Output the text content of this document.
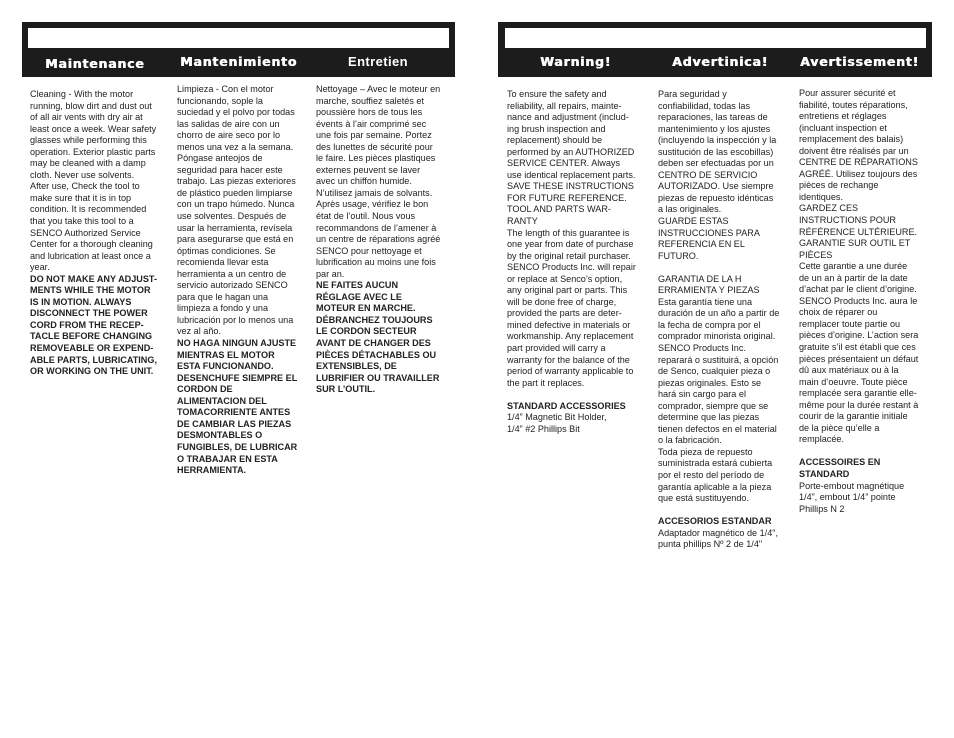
Maintenance	Mantenimiento	Entretien	Warning!	Advertinica!	Avertissement!

Cleaning - With the motor
running, blow dirt and dust out
of all air vents with dry air at
least once a week. Wear safety
glasses while performing this
operation. Exterior plastic parts
may be cleaned with a damp
cloth. Never use solvents.
After use, Check the tool to
make sure that it is in top
condition. It is recommended
that you take this tool to a
SENCO Authorized Service
Center for a thorough cleaning
and lubrication at least once a
year.

DO NOT MAKE ANY ADJUST-
MENTS WHILE THE MOTOR
IS IN MOTION. ALWAYS
DISCONNECT THE POWER
CORD FROM THE RECEP-
TACLE BEFORE CHANGING
REMOVEABLE OR EXPEND-
ABLE PARTS, LUBRICATING,
OR WORKING ON THE UNIT.

Limpieza - Con el motor
funcionando, sople la
suciedad y el polvo por todas
las salidas de aire con un
chorro de aire seco por lo
menos una vez a la semana.
Póngase anteojos de
seguridad para hacer este
trabajo. Las piezas exteriores
de plástico pueden limpiarse
con un trapo húmedo. Nunca
use solventes. Después de
usar la herramienta, revísela
para asegurarse que está en
óptimas condiciones. Se
recomienda llevar esta
herramienta a un centro de
servicio autorizado SENCO
para que le hagan una
limpieza a fondo y una
lubricación por lo menos una
vez al año.

NO HAGA NINGUN AJUSTE
MIENTRAS EL MOTOR
ESTA FUNCIONANDO.
DESENCHUFE SIEMPRE EL
CORDON DE
ALIMENTACION DEL
TOMACORRIENTE ANTES
DE CAMBIAR LAS PIEZAS
DESMONTABLES O
FUNGIBLES, DE LUBRICAR
O TRABAJAR EN ESTA
HERRAMIENTA.

Nettoyage – Avec le moteur en
marche, souffiez saletés et
poussière hors de tous les
évents à l’air comprimé sec
une fois par semaine. Portez
des lunettes de sécurité pour
le faire. Les pièces plastiques
externes peuvent se laver
avec un chiffon humide.
N’utilisez jamais de solvants.
Après usage, vérifiez le bon
état de l’outil. Nous vous
recommandons de l’amener à
un centre de réparations agréé
SENCO pour nettoyage et
lubrification au moins une fois
par an.

NE FAITES AUCUN
RÉGLAGE AVEC LE
MOTEUR EN MARCHE.
DÉBRANCHEZ TOUJOURS
LE CORDON SECTEUR
AVANT DE CHANGER DES
PIÈCES DÉTACHABLES OU
EXTENSIBLES, DE
LUBRIFIER OU TRAVAILLER
SUR L’OUTIL.

To ensure the safety and
reliability, all repairs, mainte-
nance and adjustment (includ-
ing brush inspection and
replacement) should be
performed by an AUTHORIZED
SERVICE CENTER. Always
use identical replacement parts.
SAVE THESE INSTRUCTIONS
FOR FUTURE REFERENCE.
TOOL AND PARTS WAR-
RANTY
The length of this guarantee is
one year from date of purchase
by the original retail purchaser.
SENCO Products Inc. will repair
or replace at Senco’s option,
any original part or parts. This
will be done free of charge,
provided the parts are deter-
mined defective in materials or
workmanship. Any replacement
part provided will carry a
warranty for the balance of the
period of warranty applicable to
the part it replaces.

STANDARD ACCESSORIES

1/4” Magnetic Bit Holder,
1/4” #2 Phillips Bit

Para seguridad y
confiabilidad, todas las
reparaciones, las tareas de
mantenimiento y los ajustes
(incluyendo la inspección y la
sustitución de las escobillas)
deben ser efectuadas por un
CENTRO DE SERVICIO
AUTORIZADO. Use siempre
piezas de repuesto idénticas
a las originales.
GUARDE ESTAS
INSTRUCCIONES PARA
REFERENCIA EN EL
FUTURO.

GARANTIA DE LA H
ERRAMIENTA Y PIEZAS
Esta garantía tiene una
duración de un año a partir de
la fecha de compra por el
comprador minorista original.
SENCO Products Inc.
reparará o sustituirá, a opción
de Senco, cualquier pieza o
piezas originales. Esto se
hará sin cargo para el
comprador, siempre que se
determine que las piezas
tienen defectos en el material
o la fabricación.
Toda pieza de repuesto
suministrada estará cubierta
por el resto del período de
garantía aplicable a la pieza
que está sustituyendo.

ACCESORIOS ESTANDAR

Adaptador magnético de 1/4",
punta phillips Nº 2 de 1/4"

Pour assurer sécurité et
fiabilité, toutes réparations,
entretiens et réglages
(incluant inspection et
remplacement des balais)
doivent être réalisés par un
CENTRE DE RÉPARATIONS
AGRÉÉ. Utilisez toujours des
pièces de rechange
identiques.
GARDEZ CES
INSTRUCTIONS POUR
RÉFÉRENCE ULTÉRIEURE.
GARANTIE SUR OUTIL ET
PIÈCES
Cette garantie a une durée
de un an à partir de la date
d’achat par le client d’origine.
SENCO Products Inc. aura le
choix de réparer ou
remplacer toute partie ou
pièces d’origine. L’action sera
gratuite s’il est établi que ces
pièces présentaient un défaut
dû aux matériaux ou à la
main d’oeuvre. Toute pièce
remplacée sera garantie elle-
même pour la durée restant à
courir de la garantie initiale
de la pièce qu’elle a
remplacée.

ACCESSOIRES EN
STANDARD

Porte-embout magnétique
1/4”, embout 1/4” pointe
Phillips N 2
